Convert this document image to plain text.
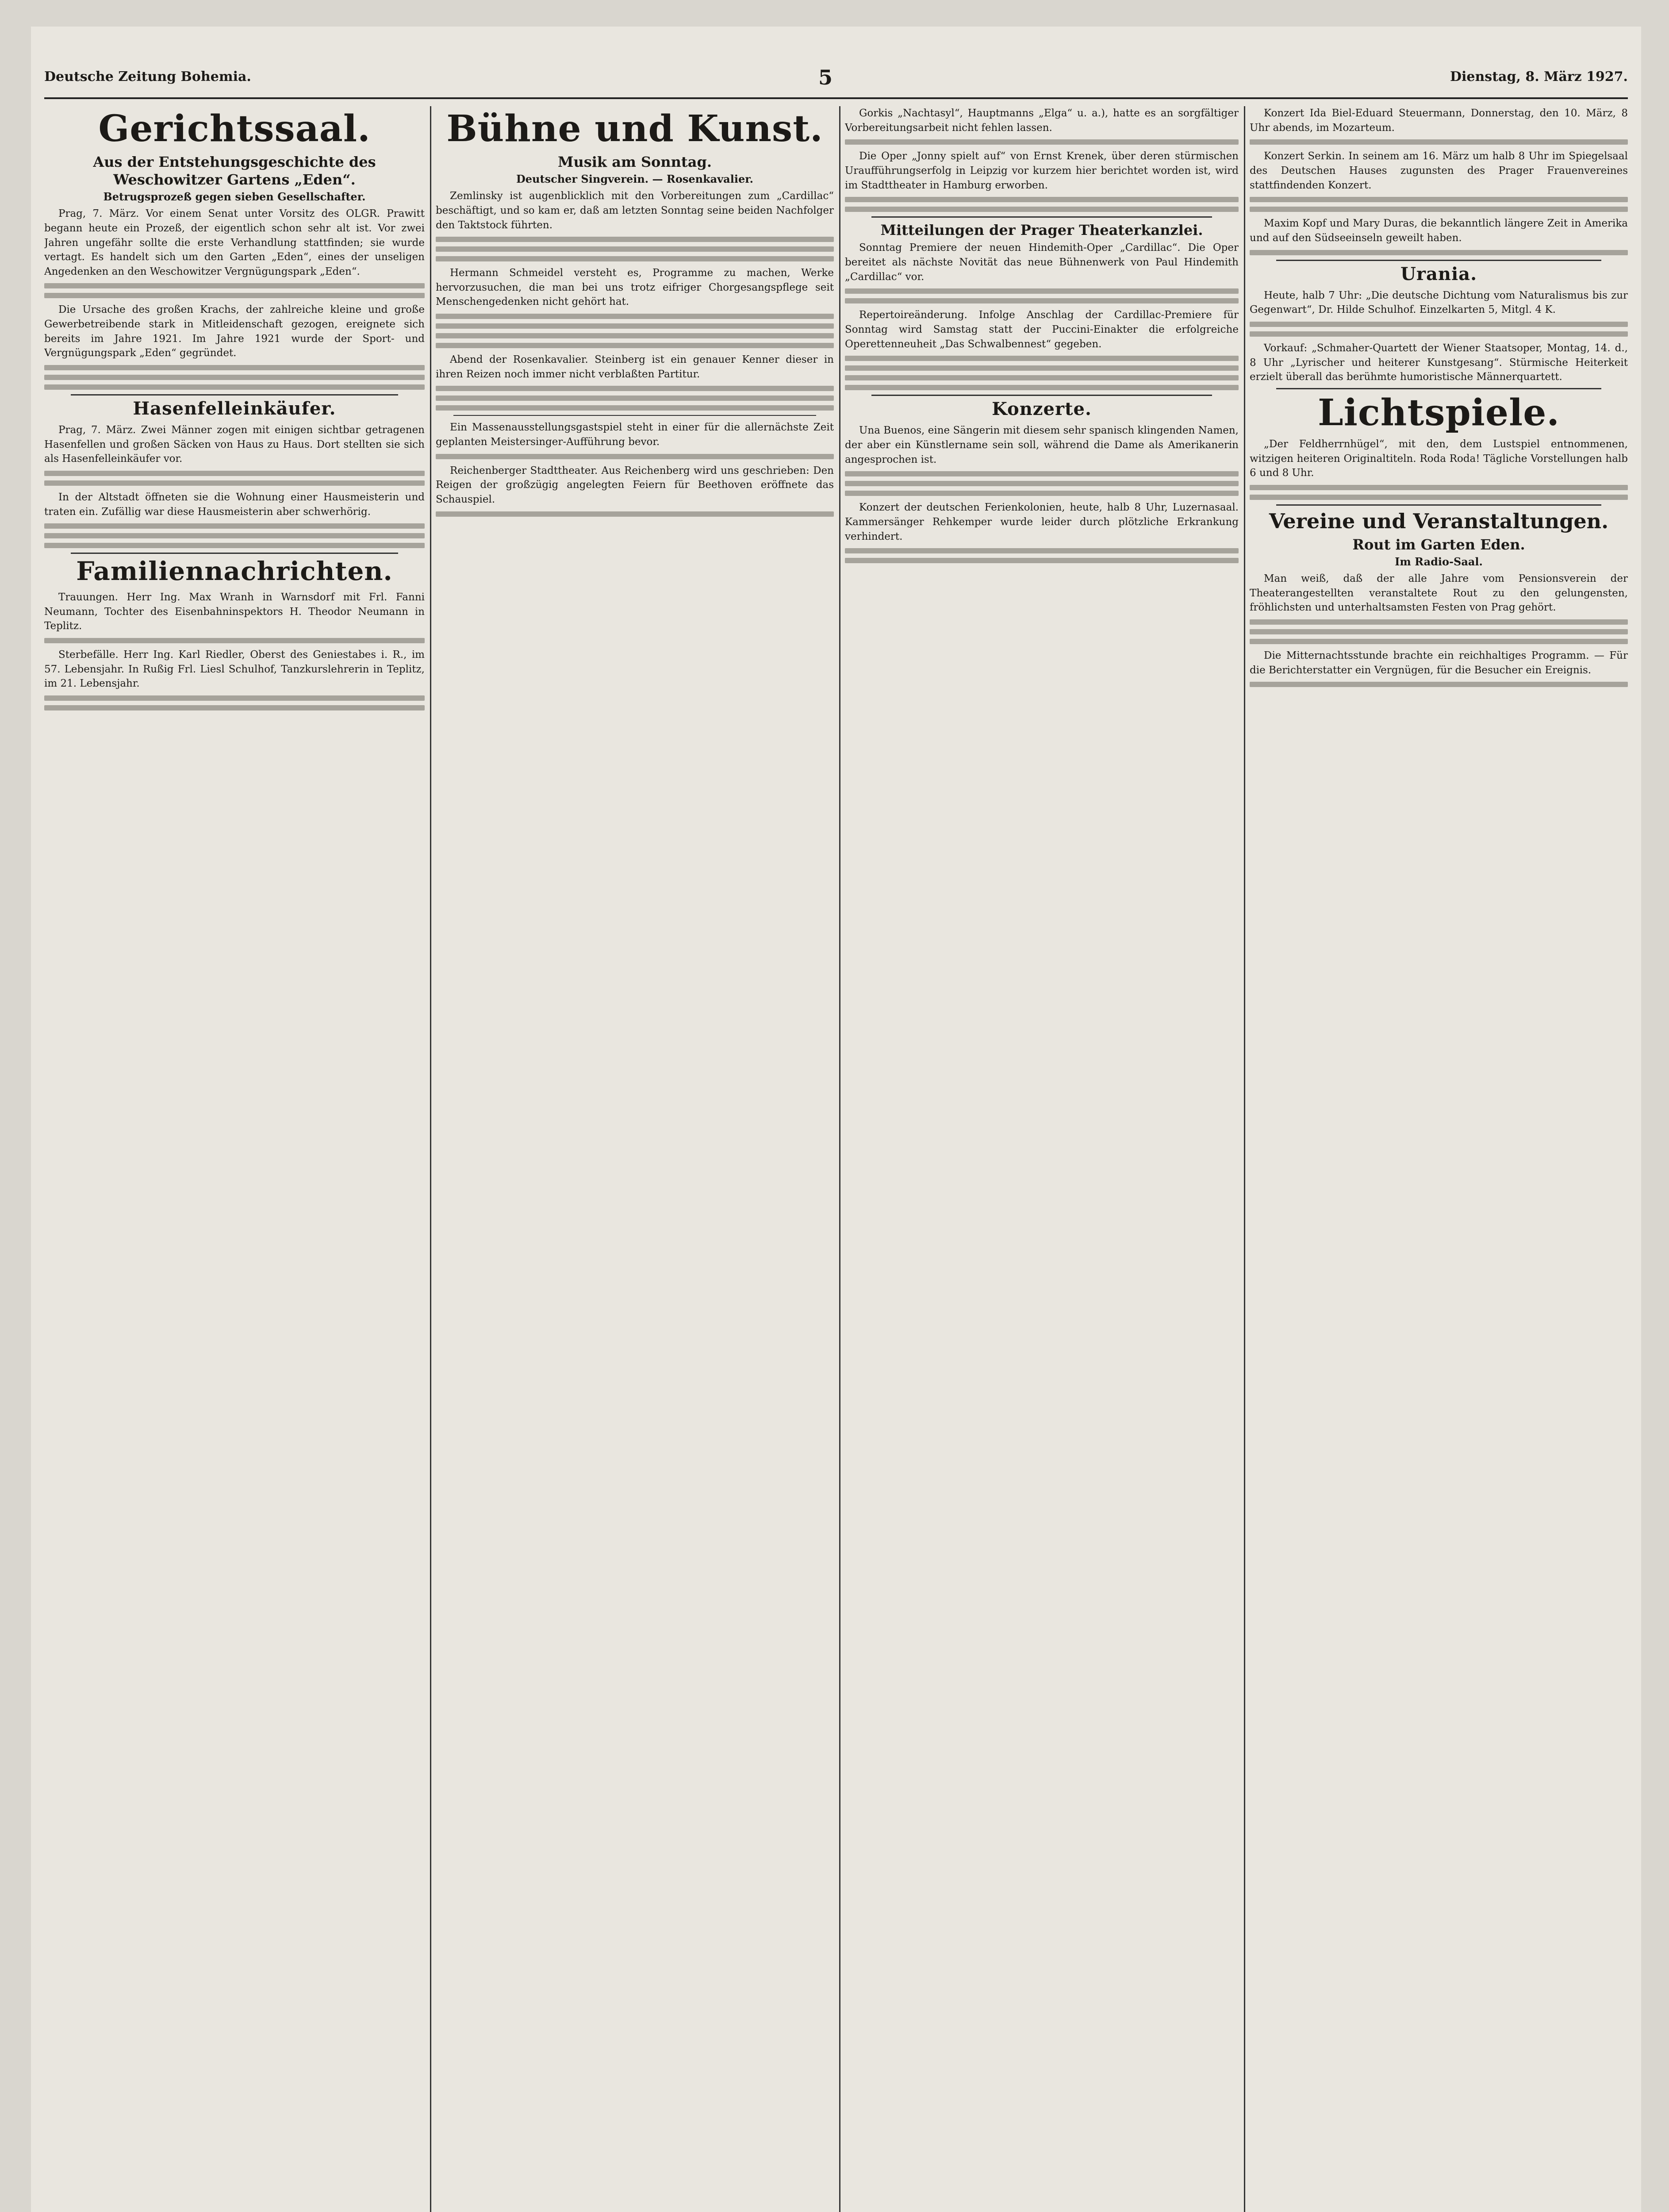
Deutsche Zeitung Bohemia.	5	Dienstag, 8. März 1927.
Gerichtssaal.
Aus der Entstehungsgeschichte des Weschowitzer Gartens „Eden“.
Betrugsprozeß gegen sieben Gesellschafter.

Prag, 7. März. Vor einem Senat unter Vorsitz des OLGR. Prawitt begann heute ein Prozeß, der eigentlich schon sehr alt ist. Vor zwei Jahren ungefähr sollte die erste Verhandlung stattfinden; sie wurde vertagt. Es handelt sich um den Garten „Eden“, eines der unseligen Angedenken an den Weschowitzer Vergnügungspark „Eden“.

Die Ursache des großen Krachs, der zahlreiche kleine und große Gewerbetreibende stark in Mitleidenschaft gezogen, ereignete sich bereits im Jahre 1921. Im Jahre 1921 wurde der Sport- und Vergnügungspark „Eden“ gegründet.

Hasenfelleinkäufer.

Prag, 7. März. Zwei Männer zogen mit einigen sichtbar getragenen Hasenfellen und großen Säcken von Haus zu Haus. Dort stellten sie sich als Hasenfelleinkäufer vor.

In der Altstadt öffneten sie die Wohnung einer Hausmeisterin und traten ein. Zufällig war diese Hausmeisterin aber schwerhörig.

Familiennachrichten.

Trauungen. Herr Ing. Max Wranh in Warnsdorf mit Frl. Fanni Neumann, Tochter des Eisenbahninspektors H. Theodor Neumann in Teplitz.

Sterbefälle. Herr Ing. Karl Riedler, Oberst des Geniestabes i. R., im 57. Lebensjahr. In Rußig Frl. Liesl Schulhof, Tanzkurslehrerin in Teplitz, im 21. Lebensjahr.

Bühne und Kunst.
Musik am Sonntag.
Deutscher Singverein. — Rosenkavalier.

Zemlinsky ist augenblicklich mit den Vorbereitungen zum „Cardillac“ beschäftigt, und so kam er, daß am letzten Sonntag seine beiden Nachfolger den Taktstock führten.

Hermann Schmeidel versteht es, Programme zu machen, Werke hervorzusuchen, die man bei uns trotz eifriger Chorgesangspflege seit Menschengedenken nicht gehört hat.

Abend der Rosenkavalier. Steinberg ist ein genauer Kenner dieser in ihren Reizen noch immer nicht verblaßten Partitur.

Ein Massenausstellungsgastspiel steht in einer für die allernächste Zeit geplanten Meistersinger-Aufführung bevor.

Reichenberger Stadttheater. Aus Reichenberg wird uns geschrieben: Den Reigen der großzügig angelegten Feiern für Beethoven eröffnete das Schauspiel.

Gorkis „Nachtasyl“, Hauptmanns „Elga“ u. a.), hatte es an sorgfältiger Vorbereitungsarbeit nicht fehlen lassen.

Die Oper „Jonny spielt auf“ von Ernst Krenek, über deren stürmischen Uraufführungserfolg in Leipzig vor kurzem hier berichtet worden ist, wird im Stadttheater in Hamburg erworben.

Mitteilungen der Prager Theaterkanzlei.

Sonntag Premiere der neuen Hindemith-Oper „Cardillac“. Die Oper bereitet als nächste Novität das neue Bühnenwerk von Paul Hindemith „Cardillac“ vor.

Repertoireänderung. Infolge Anschlag der Cardillac-Premiere für Sonntag wird Samstag statt der Puccini-Einakter die erfolgreiche Operettenneuheit „Das Schwalbennest“ gegeben.

Konzerte.

Una Buenos, eine Sängerin mit diesem sehr spanisch klingenden Namen, der aber ein Künstlername sein soll, während die Dame als Amerikanerin angesprochen ist.

Konzert der deutschen Ferienkolonien, heute, halb 8 Uhr, Luzernasaal. Kammersänger Rehkemper wurde leider durch plötzliche Erkrankung verhindert.

Konzert Ida Biel-Eduard Steuermann, Donnerstag, den 10. März, 8 Uhr abends, im Mozarteum.

Konzert Serkin. In seinem am 16. März um halb 8 Uhr im Spiegelsaal des Deutschen Hauses zugunsten des Prager Frauenvereines stattfindenden Konzert.

Maxim Kopf und Mary Duras, die bekanntlich längere Zeit in Amerika und auf den Südseeinseln geweilt haben.

Urania.

Heute, halb 7 Uhr: „Die deutsche Dichtung vom Naturalismus bis zur Gegenwart“, Dr. Hilde Schulhof. Einzelkarten 5, Mitgl. 4 K.

Vorkauf: „Schmaher-Quartett der Wiener Staatsoper, Montag, 14. d., 8 Uhr „Lyrischer und heiterer Kunstgesang“. Stürmische Heiterkeit erzielt überall das berühmte humoristische Männerquartett.

Lichtspiele.

„Der Feldherrnhügel“, mit den, dem Lustspiel entnommenen, witzigen heiteren Originaltiteln. Roda Roda! Tägliche Vorstellungen halb 6 und 8 Uhr.

Vereine und Veranstaltungen.
Rout im Garten Eden.
Im Radio-Saal.

Man weiß, daß der alle Jahre vom Pensionsverein der Theaterangestellten veranstaltete Rout zu den gelungensten, fröhlichsten und unterhaltsamsten Festen von Prag gehört.

Die Mitternachtsstunde brachte ein reichhaltiges Programm. — Für die Berichterstatter ein Vergnügen, für die Besucher ein Ereignis.
